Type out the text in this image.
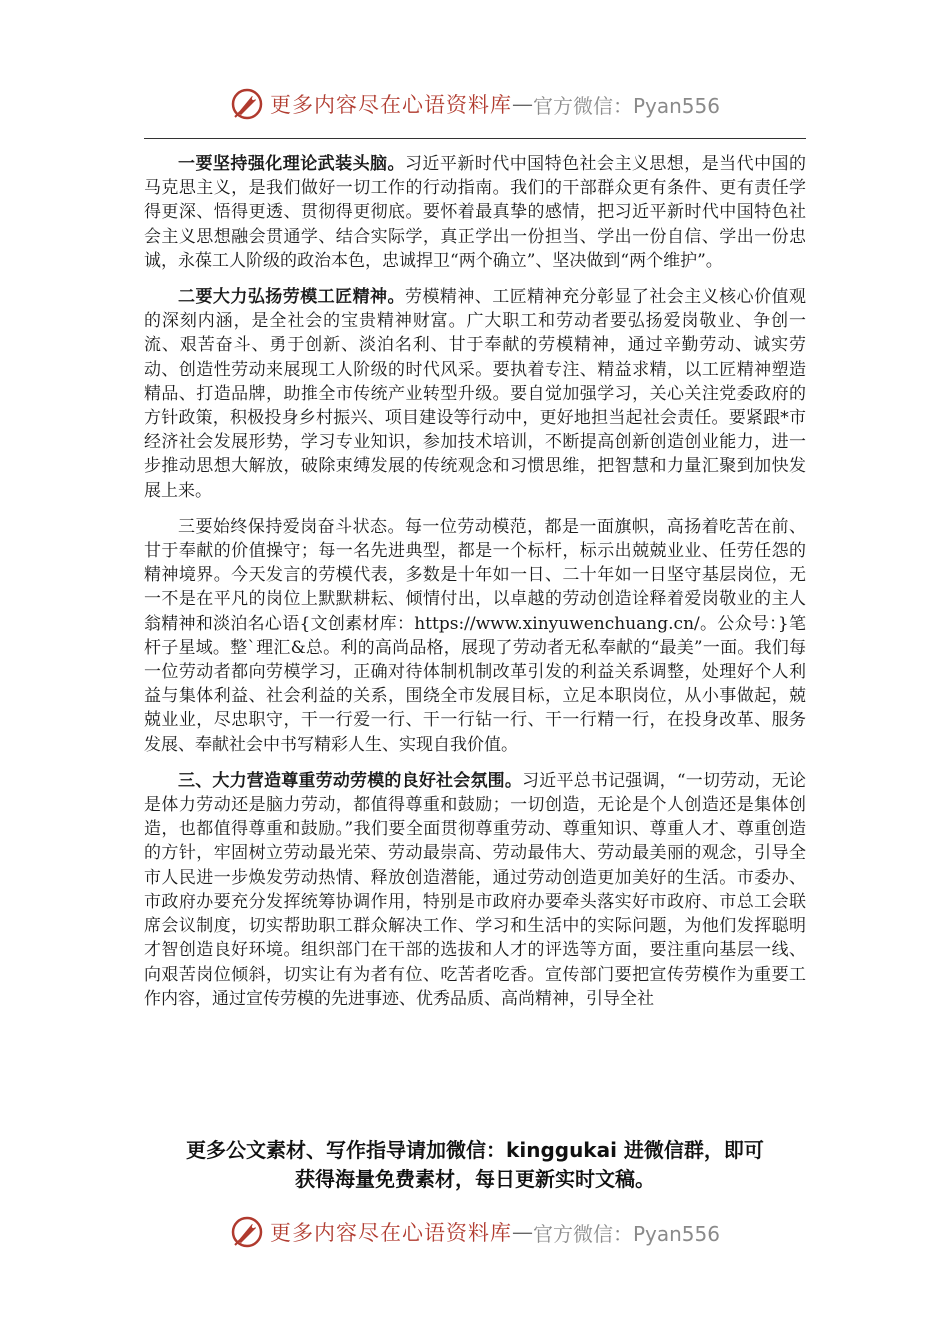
更多内容尽在心语资料库 — 官方微信：Pyan556

一要坚持强化理论武装头脑。习近平新时代中国特色社会主义思想，是当代中国的马克思主义，是我们做好一切工作的行动指南。我们的干部群众更有条件、更有责任学得更深、悟得更透、贯彻得更彻底。要怀着最真挚的感情，把习近平新时代中国特色社会主义思想融会贯通学、结合实际学，真正学出一份担当、学出一份自信、学出一份忠诚，永葆工人阶级的政治本色，忠诚捍卫“两个确立”、坚决做到“两个维护”。

二要大力弘扬劳模工匠精神。劳模精神、工匠精神充分彰显了社会主义核心价值观的深刻内涵，是全社会的宝贵精神财富。广大职工和劳动者要弘扬爱岗敬业、争创一流、艰苦奋斗、勇于创新、淡泊名利、甘于奉献的劳模精神，通过辛勤劳动、诚实劳动、创造性劳动来展现工人阶级的时代风采。要执着专注、精益求精，以工匠精神塑造精品、打造品牌，助推全市传统产业转型升级。要自觉加强学习，关心关注党委政府的方针政策，积极投身乡村振兴、项目建设等行动中，更好地担当起社会责任。要紧跟*市经济社会发展形势，学习专业知识，参加技术培训，不断提高创新创造创业能力，进一步推动思想大解放，破除束缚发展的传统观念和习惯思维，把智慧和力量汇聚到加快发展上来。

三要始终保持爱岗奋斗状态。每一位劳动模范，都是一面旗帜，高扬着吃苦在前、甘于奉献的价值操守；每一名先进典型，都是一个标杆，标示出兢兢业业、任劳任怨的精神境界。今天发言的劳模代表，多数是十年如一日、二十年如一日坚守基层岗位，无一不是在平凡的岗位上默默耕耘、倾情付出，以卓越的劳动创造诠释着爱岗敬业的主人翁精神和淡泊名心语{文创素材库：https://www.xinyuwenchuang.cn/。公众号：}笔杆子星域。整`理汇&总。利的高尚品格，展现了劳动者无私奉献的“最美”一面。我们每一位劳动者都向劳模学习，正确对待体制机制改革引发的利益关系调整，处理好个人利益与集体利益、社会利益的关系，围绕全市发展目标，立足本职岗位，从小事做起，兢兢业业，尽忠职守，干一行爱一行、干一行钻一行、干一行精一行，在投身改革、服务发展、奉献社会中书写精彩人生、实现自我价值。

三、大力营造尊重劳动劳模的良好社会氛围。习近平总书记强调，“一切劳动，无论是体力劳动还是脑力劳动，都值得尊重和鼓励；一切创造，无论是个人创造还是集体创造，也都值得尊重和鼓励。”我们要全面贯彻尊重劳动、尊重知识、尊重人才、尊重创造的方针，牢固树立劳动最光荣、劳动最崇高、劳动最伟大、劳动最美丽的观念，引导全市人民进一步焕发劳动热情、释放创造潜能，通过劳动创造更加美好的生活。市委办、市政府办要充分发挥统筹协调作用，特别是市政府办要牵头落实好市政府、市总工会联席会议制度，切实帮助职工群众解决工作、学习和生活中的实际问题，为他们发挥聪明才智创造良好环境。组织部门在干部的选拔和人才的评选等方面，要注重向基层一线、向艰苦岗位倾斜，切实让有为者有位、吃苦者吃香。宣传部门要把宣传劳模作为重要工作内容，通过宣传劳模的先进事迹、优秀品质、高尚精神，引导全社

更多公文素材、写作指导请加微信：kinggukai 进微信群，即可
获得海量免费素材，每日更新实时文稿。
更多内容尽在心语资料库 — 官方微信：Pyan556
